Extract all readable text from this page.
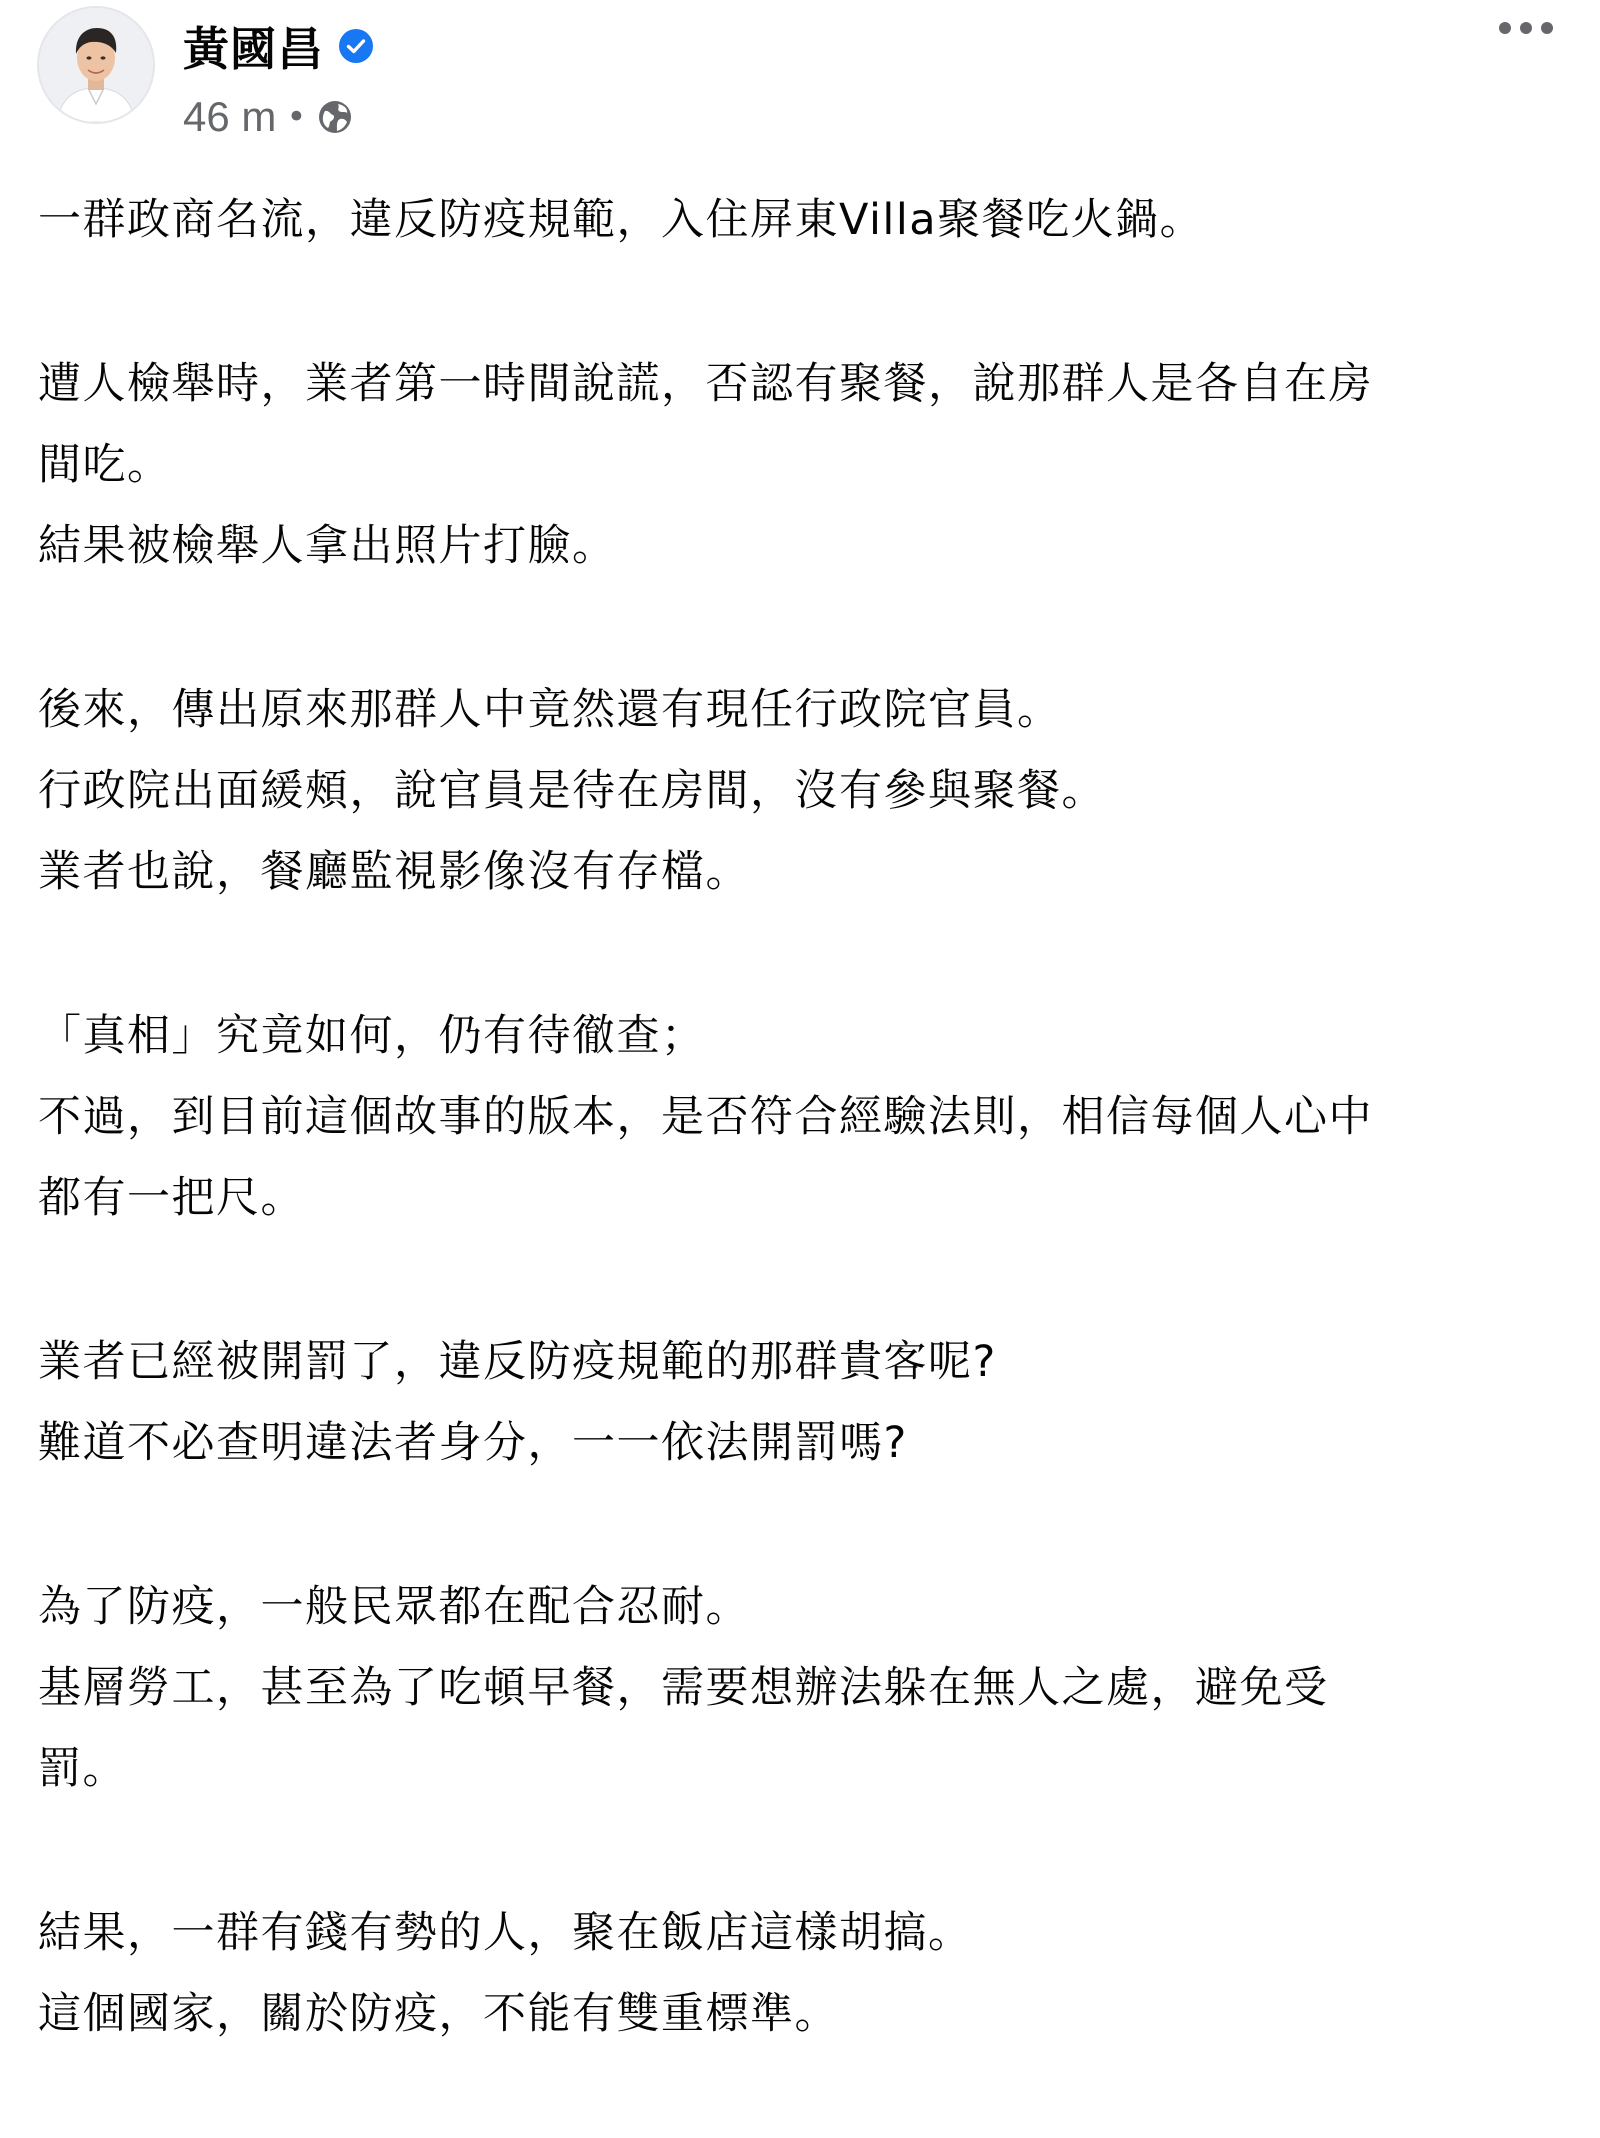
黃國昌
46 m •
一群政商名流，違反防疫規範，入住屏東Villa聚餐吃火鍋。
遭人檢舉時，業者第一時間說謊，否認有聚餐，說那群人是各自在房
間吃。
結果被檢舉人拿出照片打臉。
後來，傳出原來那群人中竟然還有現任行政院官員。
行政院出面緩頰，說官員是待在房間，沒有參與聚餐。
業者也說，餐廳監視影像沒有存檔。
「真相」究竟如何，仍有待徹查；
不過，到目前這個故事的版本，是否符合經驗法則，相信每個人心中
都有一把尺。
業者已經被開罰了，違反防疫規範的那群貴客呢?
難道不必查明違法者身分，一一依法開罰嗎?
為了防疫，一般民眾都在配合忍耐。
基層勞工，甚至為了吃頓早餐，需要想辦法躲在無人之處，避免受
罰。
結果，一群有錢有勢的人，聚在飯店這樣胡搞。
這個國家，關於防疫，不能有雙重標準。
